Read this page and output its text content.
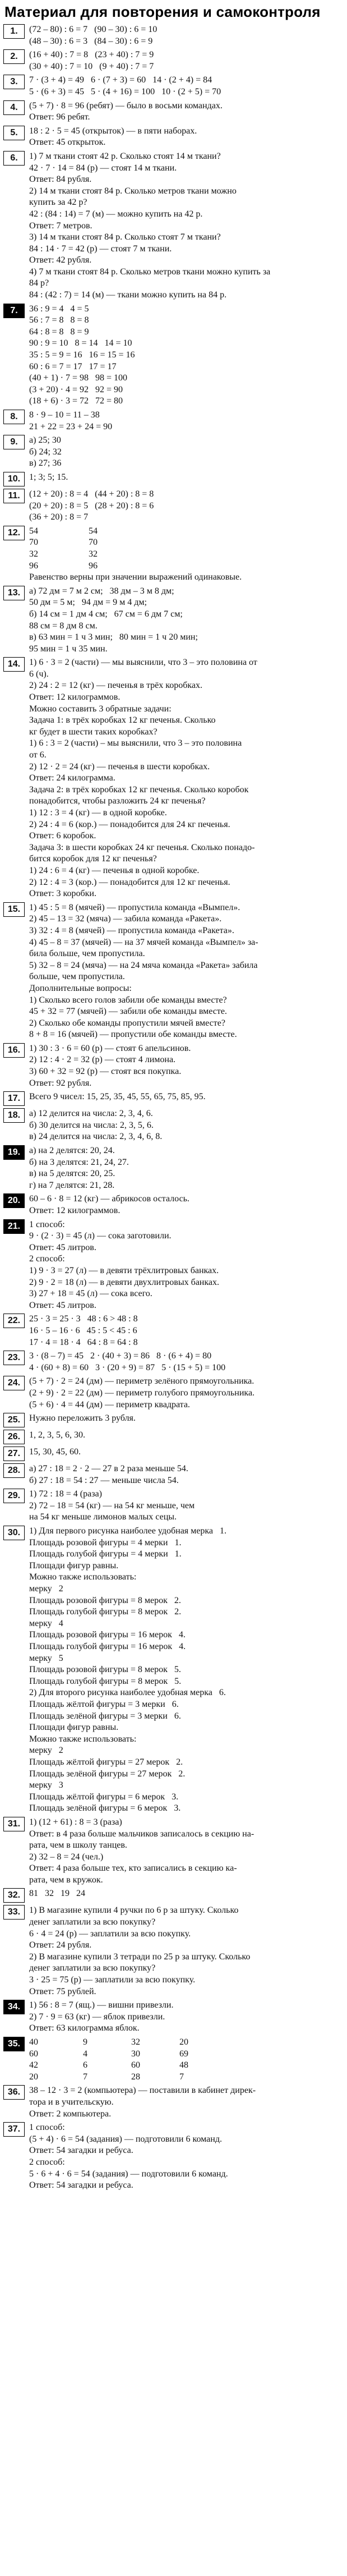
Материал для повторения и самоконтроля
1.	(72 – 80) : 6 = 7   (90 – 30) : 6 = 10
(48 – 30) : 6 = 3   (84 – 30) : 6 = 9
2.	(16 + 40) : 7 = 8   (23 + 40) : 7 = 9
(30 + 40) : 7 = 10   (9 + 40) : 7 = 7
3.	7 · (3 + 4) = 49   6 · (7 + 3) = 60   14 · (2 + 4) = 84
5 · (6 + 3) = 45   5 · (4 + 16) = 100   10 · (2 + 5) = 70
4.	(5 + 7) · 8 = 96 (ребят) — было в восьми командах.
Ответ: 96 ребят.
5.	18 : 2 · 5 = 45 (открыток) — в пяти наборах.
Ответ: 45 открыток.
6.	1) 7 м ткани стоят 42 р. Сколько стоят 14 м ткани?
42 · 7 · 14 = 84 (р) — стоят 14 м ткани.
Ответ: 84 рубля.
2) 14 м ткани стоят 84 р. Сколько метров ткани можно
купить за 42 р?
42 : (84 : 14) = 7 (м) — можно купить на 42 р.
Ответ: 7 метров.
3) 14 м ткани стоят 84 р. Сколько стоят 7 м ткани?
84 : 14 · 7 = 42 (р) — стоят 7 м ткани.
Ответ: 42 рубля.
4) 7 м ткани стоят 84 р. Сколько метров ткани можно купить за
84 р?
84 : (42 : 7) = 14 (м) — ткани можно купить на 84 р.
7.	36 : 9 = 4   4 = 5
56 : 7 = 8   8 = 8
64 : 8 = 8   8 = 9
90 : 9 = 10   8 = 14   14 = 10
35 : 5 = 9 = 16   16 = 15 = 16
60 : 6 = 7 = 17   17 = 17
(40 + 1) · 7 = 98   98 = 100
(3 + 20) · 4 = 92   92 = 90
(18 + 6) · 3 = 72   72 = 80
8.	8 · 9 – 10 = 11 – 38
21 + 22 = 23 + 24 = 90
9.	а) 25; 30
б) 24; 32
в) 27; 36
10. 1; 3; 5; 15.
11.	(12 + 20) : 8 = 4   (44 + 20) : 8 = 8
(20 + 20) : 8 = 5   (28 + 20) : 8 = 6
(36 + 20) : 8 = 7
12. 54	54
70	70
32	32
96	96
Равенство верны при значении выражений одинаковые.
13. а) 72 дм = 7 м 2 см;   38 дм – 3 м 8 дм;
50 дм = 5 м;   94 дм = 9 м 4 дм;
б) 14 см = 1 дм 4 см;   67 см = 6 дм 7 см;
88 см = 8 дм 8 см.
в) 63 мин = 1 ч 3 мин;   80 мин = 1 ч 20 мин;
95 мин = 1 ч 35 мин.
14. 1) 6 · 3 = 2 (части) — мы выяснили, что 3 – это половина от
6 (ч).
2) 24 : 2 = 12 (кг) — печенья в трёх коробках.
Ответ: 12 килограммов.
Можно составить 3 обратные задачи:
Задача 1: в трёх коробках 12 кг печенья. Сколько
кг будет в шести таких коробках?
1) 6 : 3 = 2 (части) – мы выяснили, что 3 – это половина
от 6.
2) 12 · 2 = 24 (кг) — печенья в шести коробках.
Ответ: 24 килограмма.
Задача 2: в трёх коробках 12 кг печенья. Сколько коробок
понадобится, чтобы разложить 24 кг печенья?
1) 12 : 3 = 4 (кг) — в одной коробке.
2) 24 : 4 = 6 (кор.) — понадобится для 24 кг печенья.
Ответ: 6 коробок.
Задача 3: в шести коробках 24 кг печенья. Сколько понадо-
бится коробок для 12 кг печенья?
1) 24 : 6 = 4 (кг) — печенья в одной коробке.
2) 12 : 4 = 3 (кор.) — понадобится для 12 кг печенья.
Ответ: 3 коробки.
15. 1) 45 : 5 = 8 (мячей) — пропустила команда «Вымпел».
2) 45 – 13 = 32 (мяча) — забила команда «Ракета».
3) 32 : 4 = 8 (мячей) — пропустила команда «Ракета».
4) 45 – 8 = 37 (мячей) — на 37 мячей команда «Вымпел» за-
била больше, чем пропустила.
5) 32 – 8 = 24 (мяча) — на 24 мяча команда «Ракета» забила
больше, чем пропустила.
Дополнительные вопросы:
1) Сколько всего голов забили обе команды вместе?
45 + 32 = 77 (мячей) — забили обе команды вместе.
2) Сколько обе команды пропустили мячей вместе?
8 + 8 = 16 (мячей) — пропустили обе команды вместе.
16. 1) 30 : 3 · 6 = 60 (р) — стоят 6 апельсинов.
2) 12 : 4 · 2 = 32 (р) — стоят 4 лимона.
3) 60 + 32 = 92 (р) — стоят вся покупка.
Ответ: 92 рубля.
17. Всего 9 чисел: 15, 25, 35, 45, 55, 65, 75, 85, 95.
18. а) 12 делится на числа: 2, 3, 4, 6.
б) 30 делится на числа: 2, 3, 5, 6.
в) 24 делится на числа: 2, 3, 4, 6, 8.
19. а) на 2 делятся: 20, 24.
б) на 3 делятся: 21, 24, 27.
в) на 5 делятся: 20, 25.
г) на 7 делятся: 21, 28.
20. 60 – 6 · 8 = 12 (кг) — абрикосов осталось.
Ответ: 12 килограммов.
21. 1 способ:
9 · (2 · 3) = 45 (л) — сока заготовили.
Ответ: 45 литров.
2 способ:
1) 9 · 3 = 27 (л) — в девяти трёхлитровых банках.
2) 9 · 2 = 18 (л) — в девяти двухлитровых банках.
3) 27 + 18 = 45 (л) — сока всего.
Ответ: 45 литров.
22. 25 · 3 = 25 · 3   48 : 6 > 48 : 8
16 · 5 – 16 · 6   45 : 5 < 45 : 6
17 · 4 = 18 · 4   64 : 8 = 64 : 8
23. 3 · (8 – 7) = 45   2 · (40 + 3) = 86   8 · (6 + 4) = 80
4 · (60 + 8) = 60   3 · (20 + 9) = 87   5 · (15 + 5) = 100
24. (5 + 7) · 2 = 24 (дм) — периметр зелёного прямоугольника.
(2 + 9) · 2 = 22 (дм) — периметр голубого прямоугольника.
(5 + 6) · 4 = 44 (дм) — периметр квадрата.
25. Нужно переложить 3 рубля.
26. 1, 2, 3, 5, 6, 30.
27. 15, 30, 45, 60.
28. а) 27 : 18 = 2 · 2 — 27 в 2 раза меньше 54.
б) 27 : 18 = 54 : 27 — меньше числа 54.
29. 1) 72 : 18 = 4 (раза)
2) 72 – 18 = 54 (кг) — на 54 кг меньше, чем
на 54 кг меньше лимонов малых сецы.
30. 1) Для первого рисунка наиболее удобная мерка   1.
Площадь розовой фигуры = 4 мерки   1.
Площадь голубой фигуры = 4 мерки   1.
Площади фигур равны.
Можно также использовать:
мерку   2
Площадь розовой фигуры = 8 мерок   2.
Площадь голубой фигуры = 8 мерок   2.
мерку   4
Площадь розовой фигуры = 16 мерок   4.
Площадь голубой фигуры = 16 мерок   4.
мерку   5
Площадь розовой фигуры = 8 мерок   5.
Площадь голубой фигуры = 8 мерок   5.
2) Для второго рисунка наиболее удобная мерка   6.
Площадь жёлтой фигуры = 3 мерки   6.
Площадь зелёной фигуры = 3 мерки   6.
Площади фигур равны.
Можно также использовать:
мерку   2
Площадь жёлтой фигуры = 27 мерок   2.
Площадь зелёной фигуры = 27 мерок   2.
мерку   3
Площадь жёлтой фигуры = 6 мерок   3.
Площадь зелёной фигуры = 6 мерок   3.
31. 1) (12 + 61) : 8 = 3 (раза)
Ответ: в 4 раза больше мальчиков записалось в секцию на-
рата, чем в школу танцев.
2) 32 – 8 = 24 (чел.)
Ответ: 4 раза больше тех, кто записались в секцию ка-
рата, чем в кружок.
32. 81   32   19   24
33. 1) В магазине купили 4 ручки по 6 р за штуку. Сколько
денег заплатили за всю покупку?
6 · 4 = 24 (р) — заплатили за всю покупку.
Ответ: 24 рубля.
2) В магазине купили 3 тетради по 25 р за штуку. Сколько
денег заплатили за всю покупку?
3 · 25 = 75 (р) — заплатили за всю покупку.
Ответ: 75 рублей.
34. 1) 56 : 8 = 7 (ящ.) — вишни привезли.
2) 7 · 9 = 63 (кг) — яблок привезли.
Ответ: 63 килограмма яблок.
35. 40	9	32	20
60	4	30	69
42	6	60	48
20	7	28	7
36. 38 – 12 · 3 = 2 (компьютера) — поставили в кабинет дирек-
тора и в учительскую.
Ответ: 2 компьютера.
37. 1 способ:
(5 + 4) · 6 = 54 (задания) — подготовили 6 команд.
Ответ: 54 загадки и ребуса.
2 способ:
5 · 6 + 4 · 6 = 54 (задания) — подготовили 6 команд.
Ответ: 54 загадки и ребуса.
